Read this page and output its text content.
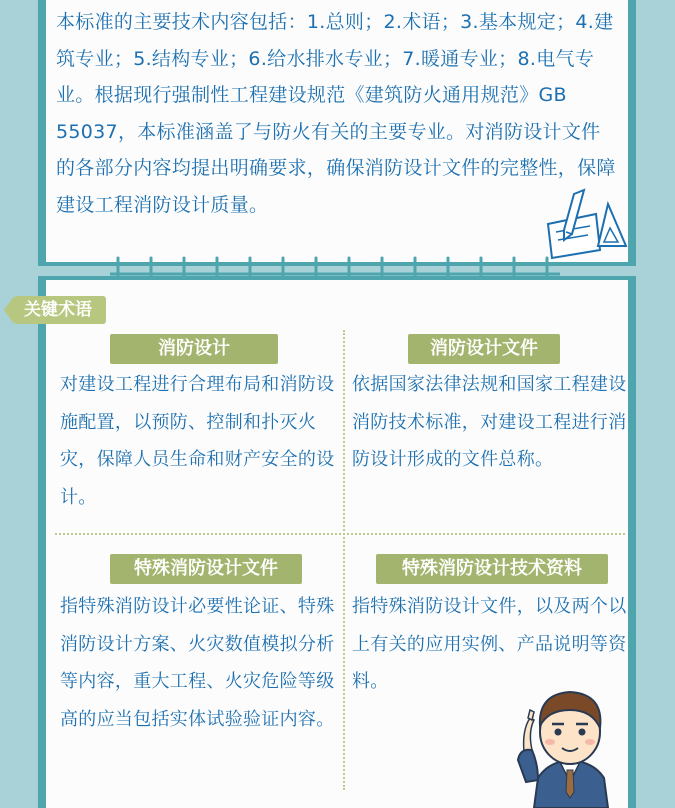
本标准的主要技术内容包括：1.总则；2.术语；3.基本规定；4.建筑专业；5.结构专业；6.给水排水专业；7.暖通专业；8.电气专业。根据现行强制性工程建设规范《建筑防火通用规范》GB 55037，本标准涵盖了与防火有关的主要专业。对消防设计文件的各部分内容均提出明确要求，确保消防设计文件的完整性，保障建设工程消防设计质量。

关键术语
消防设计

对建设工程进行合理布局和消防设施配置，以预防、控制和扑灭火灾，保障人员生命和财产安全的设计。

消防设计文件

依据国家法律法规和国家工程建设消防技术标准，对建设工程进行消防设计形成的文件总称。

特殊消防设计文件

指特殊消防设计必要性论证、特殊消防设计方案、火灾数值模拟分析等内容，重大工程、火灾危险等级高的应当包括实体试验验证内容。

特殊消防设计技术资料

指特殊消防设计文件，以及两个以上有关的应用实例、产品说明等资料。
